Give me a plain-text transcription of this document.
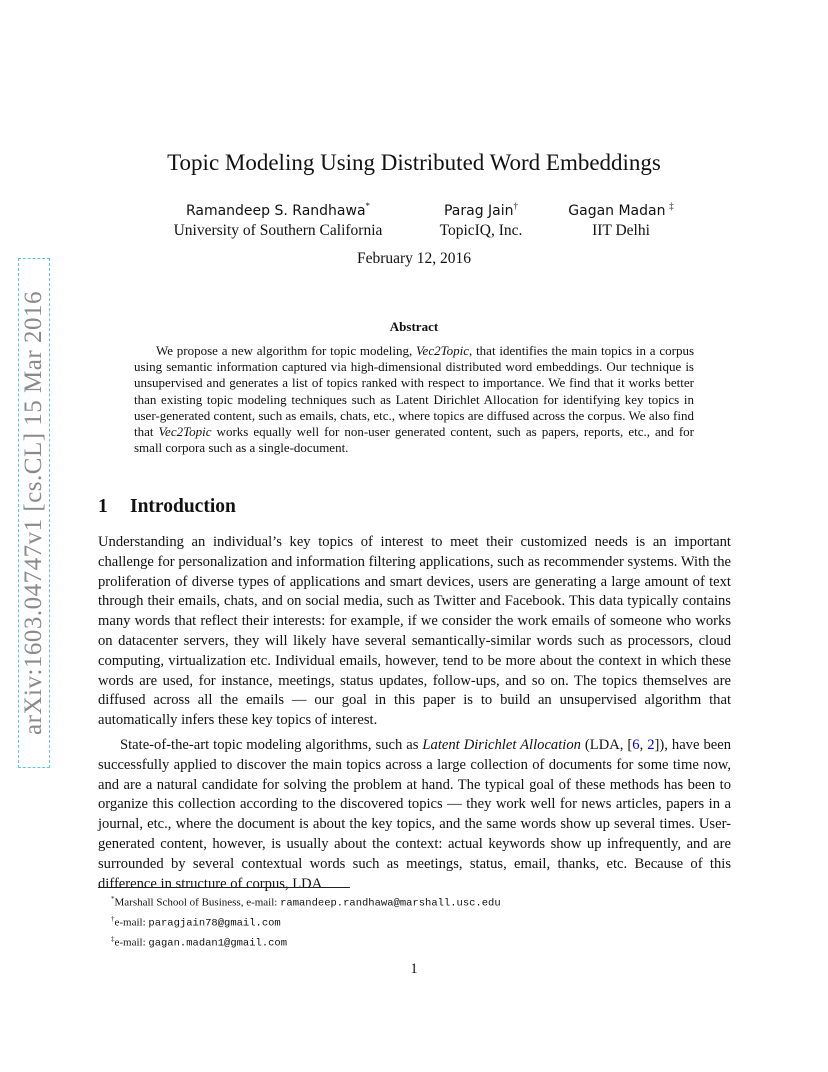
arXiv:1603.04747v1 [cs.CL] 15 Mar 2016
Topic Modeling Using Distributed Word Embeddings
Ramandeep S. Randhawa*
University of Southern California
Parag Jain†
TopicIQ, Inc.
Gagan Madan ‡
IIT Delhi
February 12, 2016
Abstract

We propose a new algorithm for topic modeling, Vec2Topic, that identifies the main topics in a corpus using semantic information captured via high-dimensional distributed word embeddings. Our technique is unsupervised and generates a list of topics ranked with respect to importance. We find that it works better than existing topic modeling techniques such as Latent Dirichlet Allocation for identifying key topics in user-generated content, such as emails, chats, etc., where topics are diffused across the corpus. We also find that Vec2Topic works equally well for non-user generated content, such as papers, reports, etc., and for small corpora such as a single-document.

1 Introduction

Understanding an individual’s key topics of interest to meet their customized needs is an important challenge for personalization and information filtering applications, such as recommender systems. With the proliferation of diverse types of applications and smart devices, users are generating a large amount of text through their emails, chats, and on social media, such as Twitter and Facebook. This data typically contains many words that reflect their interests: for example, if we consider the work emails of someone who works on datacenter servers, they will likely have several semantically-similar words such as processors, cloud computing, virtualization etc. Individual emails, however, tend to be more about the context in which these words are used, for instance, meetings, status updates, follow-ups, and so on. The topics themselves are diffused across all the emails — our goal in this paper is to build an unsupervised algorithm that automatically infers these key topics of interest.

State-of-the-art topic modeling algorithms, such as Latent Dirichlet Allocation (LDA, [6, 2]), have been successfully applied to discover the main topics across a large collection of documents for some time now, and are a natural candidate for solving the problem at hand. The typical goal of these methods has been to organize this collection according to the discovered topics — they work well for news articles, papers in a journal, etc., where the document is about the key topics, and the same words show up several times. User-generated content, however, is usually about the context: actual keywords show up infrequently, and are surrounded by several contextual words such as meetings, status, email, thanks, etc. Because of this difference in structure of corpus, LDA

*Marshall School of Business, e-mail: ramandeep.randhawa@marshall.usc.edu
†e-mail: paragjain78@gmail.com
‡e-mail: gagan.madan1@gmail.com
1
